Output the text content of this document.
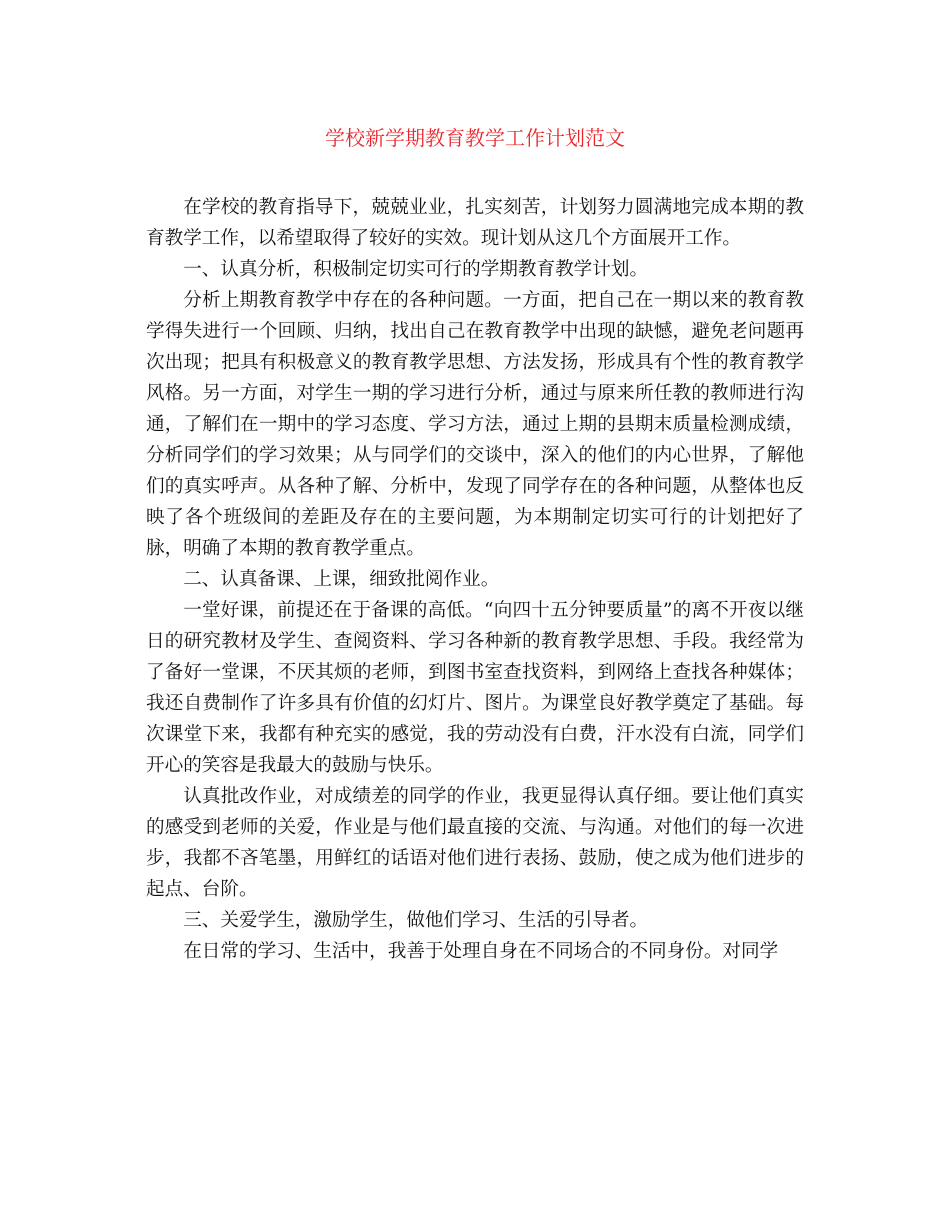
学校新学期教育教学工作计划范文

在学校的教育指导下，兢兢业业，扎实刻苦，计划努力圆满地完成本期的教育教学工作，以希望取得了较好的实效。现计划从这几个方面展开工作。

一、认真分析，积极制定切实可行的学期教育教学计划。

分析上期教育教学中存在的各种问题。一方面，把自己在一期以来的教育教学得失进行一个回顾、归纳，找出自己在教育教学中出现的缺憾，避免老问题再次出现；把具有积极意义的教育教学思想、方法发扬，形成具有个性的教育教学风格。另一方面，对学生一期的学习进行分析，通过与原来所任教的教师进行沟通，了解们在一期中的学习态度、学习方法，通过上期的县期末质量检测成绩，分析同学们的学习效果；从与同学们的交谈中，深入的他们的内心世界，了解他们的真实呼声。从各种了解、分析中，发现了同学存在的各种问题，从整体也反映了各个班级间的差距及存在的主要问题，为本期制定切实可行的计划把好了脉，明确了本期的教育教学重点。

二、认真备课、上课，细致批阅作业。

一堂好课，前提还在于备课的高低。“向四十五分钟要质量”的离不开夜以继日的研究教材及学生、查阅资料、学习各种新的教育教学思想、手段。我经常为了备好一堂课，不厌其烦的老师，到图书室查找资料，到网络上查找各种媒体；我还自费制作了许多具有价值的幻灯片、图片。为课堂良好教学奠定了基础。每次课堂下来，我都有种充实的感觉，我的劳动没有白费，汗水没有白流，同学们开心的笑容是我最大的鼓励与快乐。

认真批改作业，对成绩差的同学的作业，我更显得认真仔细。要让他们真实的感受到老师的关爱，作业是与他们最直接的交流、与沟通。对他们的每一次进步，我都不吝笔墨，用鲜红的话语对他们进行表扬、鼓励，使之成为他们进步的起点、台阶。

三、关爱学生，激励学生，做他们学习、生活的引导者。

在日常的学习、生活中，我善于处理自身在不同场合的不同身份。对同学
